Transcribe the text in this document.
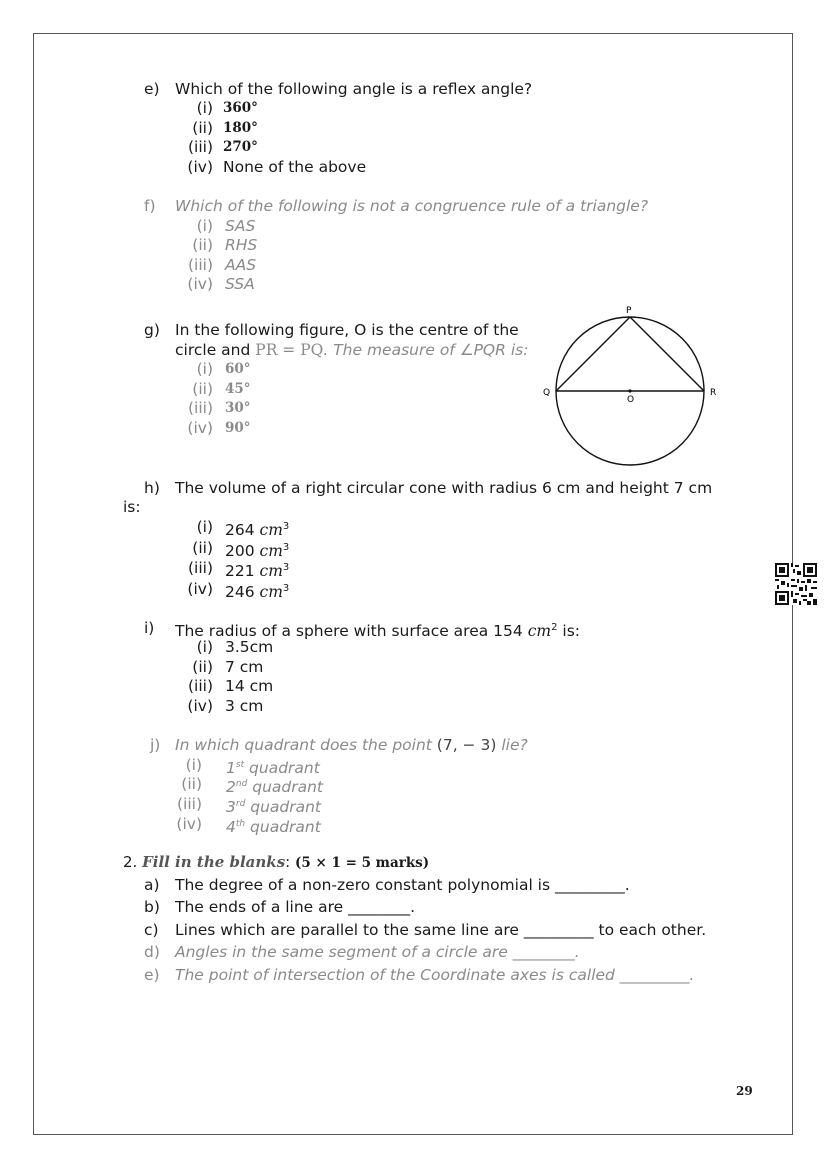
e) Which of the following angle is a reflex angle?
(i) 360°
(ii) 180°
(iii) 270°
(iv) None of the above
f) Which of the following is not a congruence rule of a triangle?
(i) SAS
(ii) RHS
(iii) AAS
(iv) SSA
g) In the following figure, O is the centre of the
circle and PR = PQ. The measure of ∠PQR is:
(i) 60°
(ii) 45°
(iii) 30°
(iv) 90°
P
Q	R
O
h) The volume of a right circular cone with radius 6 cm and height 7 cm
is:
(i) 264 $cm^3$
(ii) 200 $cm^3$
(iii) 221 $cm^3$
(iv) 246 $cm^3$
i) The radius of a sphere with surface area 154 $cm^2$ is:
(i) 3.5cm
(ii) 7 cm
(iii) 14 cm
(iv) 3 cm
j) In which quadrant does the point (7, − 3) lie?
(i) 1st quadrant
(ii) 2nd quadrant
(iii) 3rd quadrant
(iv) 4th quadrant
2. Fill in the blanks: (5 × 1 = 5 marks)
a) The degree of a non-zero constant polynomial is _________.
b) The ends of a line are ________.
c) Lines which are parallel to the same line are _________ to each other.
d) Angles in the same segment of a circle are ________.
e) The point of intersection of the Coordinate axes is called _________.
29
